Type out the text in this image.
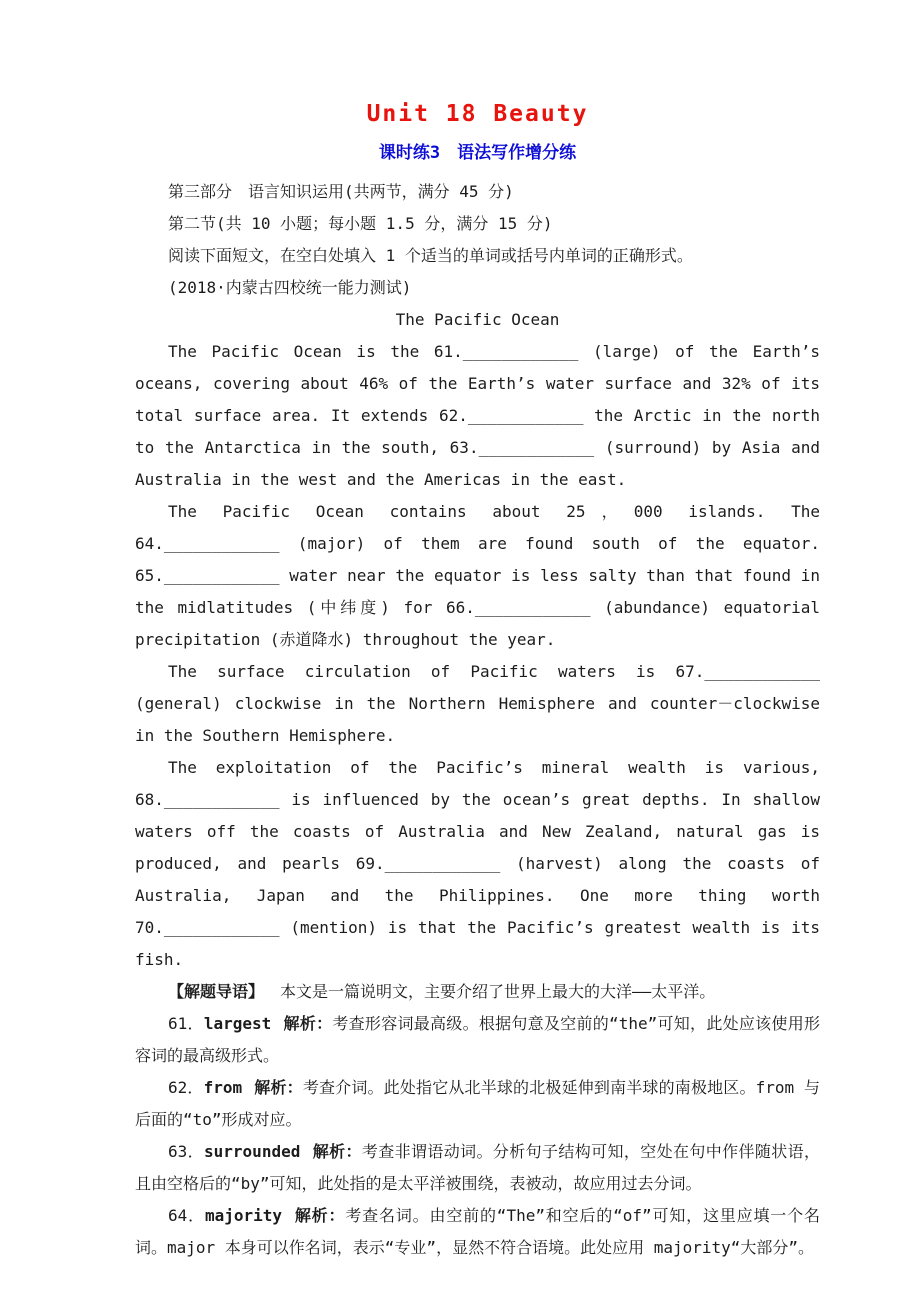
Unit 18 Beauty
课时练3　语法写作增分练

第三部分　语言知识运用(共两节，满分 45 分)

第二节(共 10 小题；每小题 1.5 分，满分 15 分)

阅读下面短文，在空白处填入 1 个适当的单词或括号内单词的正确形式。

(2018·内蒙古四校统一能力测试)

The Pacific Ocean

The Pacific Ocean is the 61.____________ (large) of the Earth’s oceans, covering about 46% of the Earth’s water surface and 32% of its total surface area. It extends 62.____________ the Arctic in the north to the Antarctica in the south, 63.____________ (surround) by Asia and Australia in the west and the Americas in the east.

The Pacific Ocean contains about 25，000 islands. The 64.____________ (major) of them are found south of the equator. 65.____________ water near the equator is less salty than that found in the midlatitudes (中纬度) for 66.____________ (abundance) equatorial precipitation (赤道降水) throughout the year.

The surface circulation of Pacific waters is 67.____________ (general) clockwise in the Northern Hemisphere and counter－clockwise in the Southern Hemisphere.

The exploitation of the Pacific’s mineral wealth is various, 68.____________ is influenced by the ocean’s great depths. In shallow waters off the coasts of Australia and New Zealand, natural gas is produced, and pearls 69.____________ (harvest) along the coasts of Australia, Japan and the Philippines. One more thing worth 70.____________ (mention) is that the Pacific’s greatest wealth is its fish.

【解题导语】 本文是一篇说明文，主要介绍了世界上最大的大洋——太平洋。

61．largest 解析：考查形容词最高级。根据句意及空前的“the”可知，此处应该使用形容词的最高级形式。

62．from 解析：考查介词。此处指它从北半球的北极延伸到南半球的南极地区。from 与后面的“to”形成对应。

63．surrounded 解析：考查非谓语动词。分析句子结构可知，空处在句中作伴随状语，且由空格后的“by”可知，此处指的是太平洋被围绕，表被动，故应用过去分词。

64．majority 解析：考查名词。由空前的“The”和空后的“of”可知，这里应填一个名词。major 本身可以作名词，表示“专业”，显然不符合语境。此处应用 majority“大部分”。
